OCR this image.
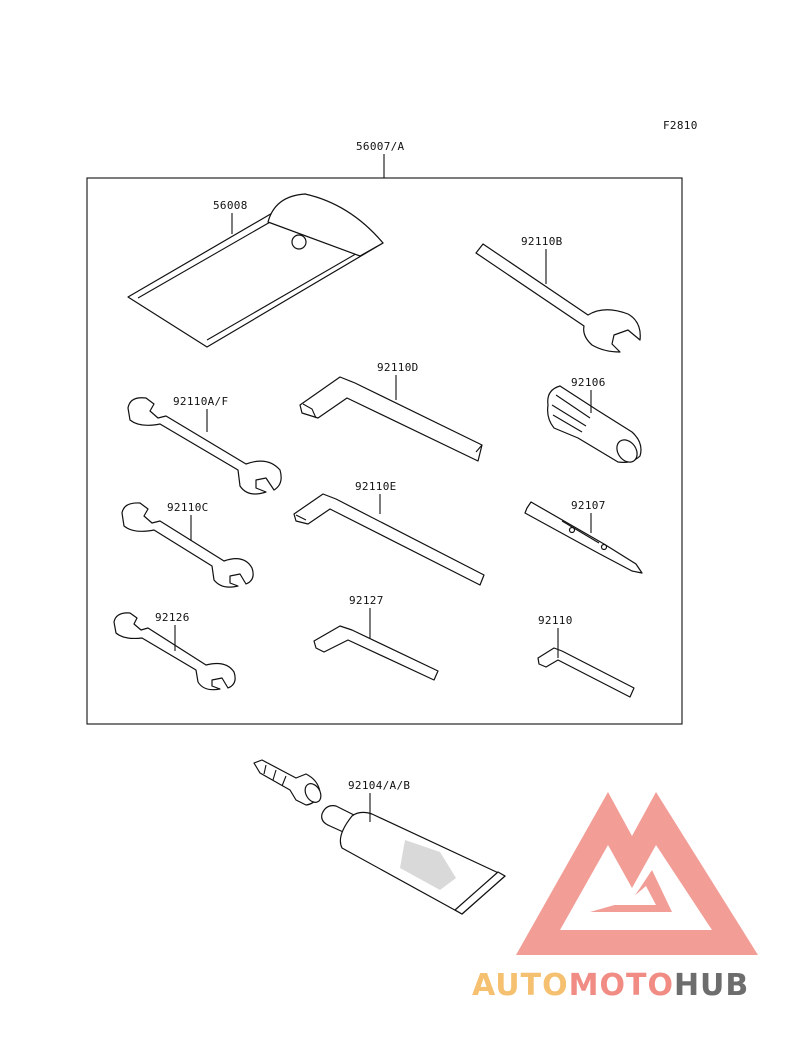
F2810
56007/A
56008
92110B
92110D
92106
92110A/F
92110E
92107
92110C
92126
92127
92110
92104/A/B
AUTOMOTOHUB
